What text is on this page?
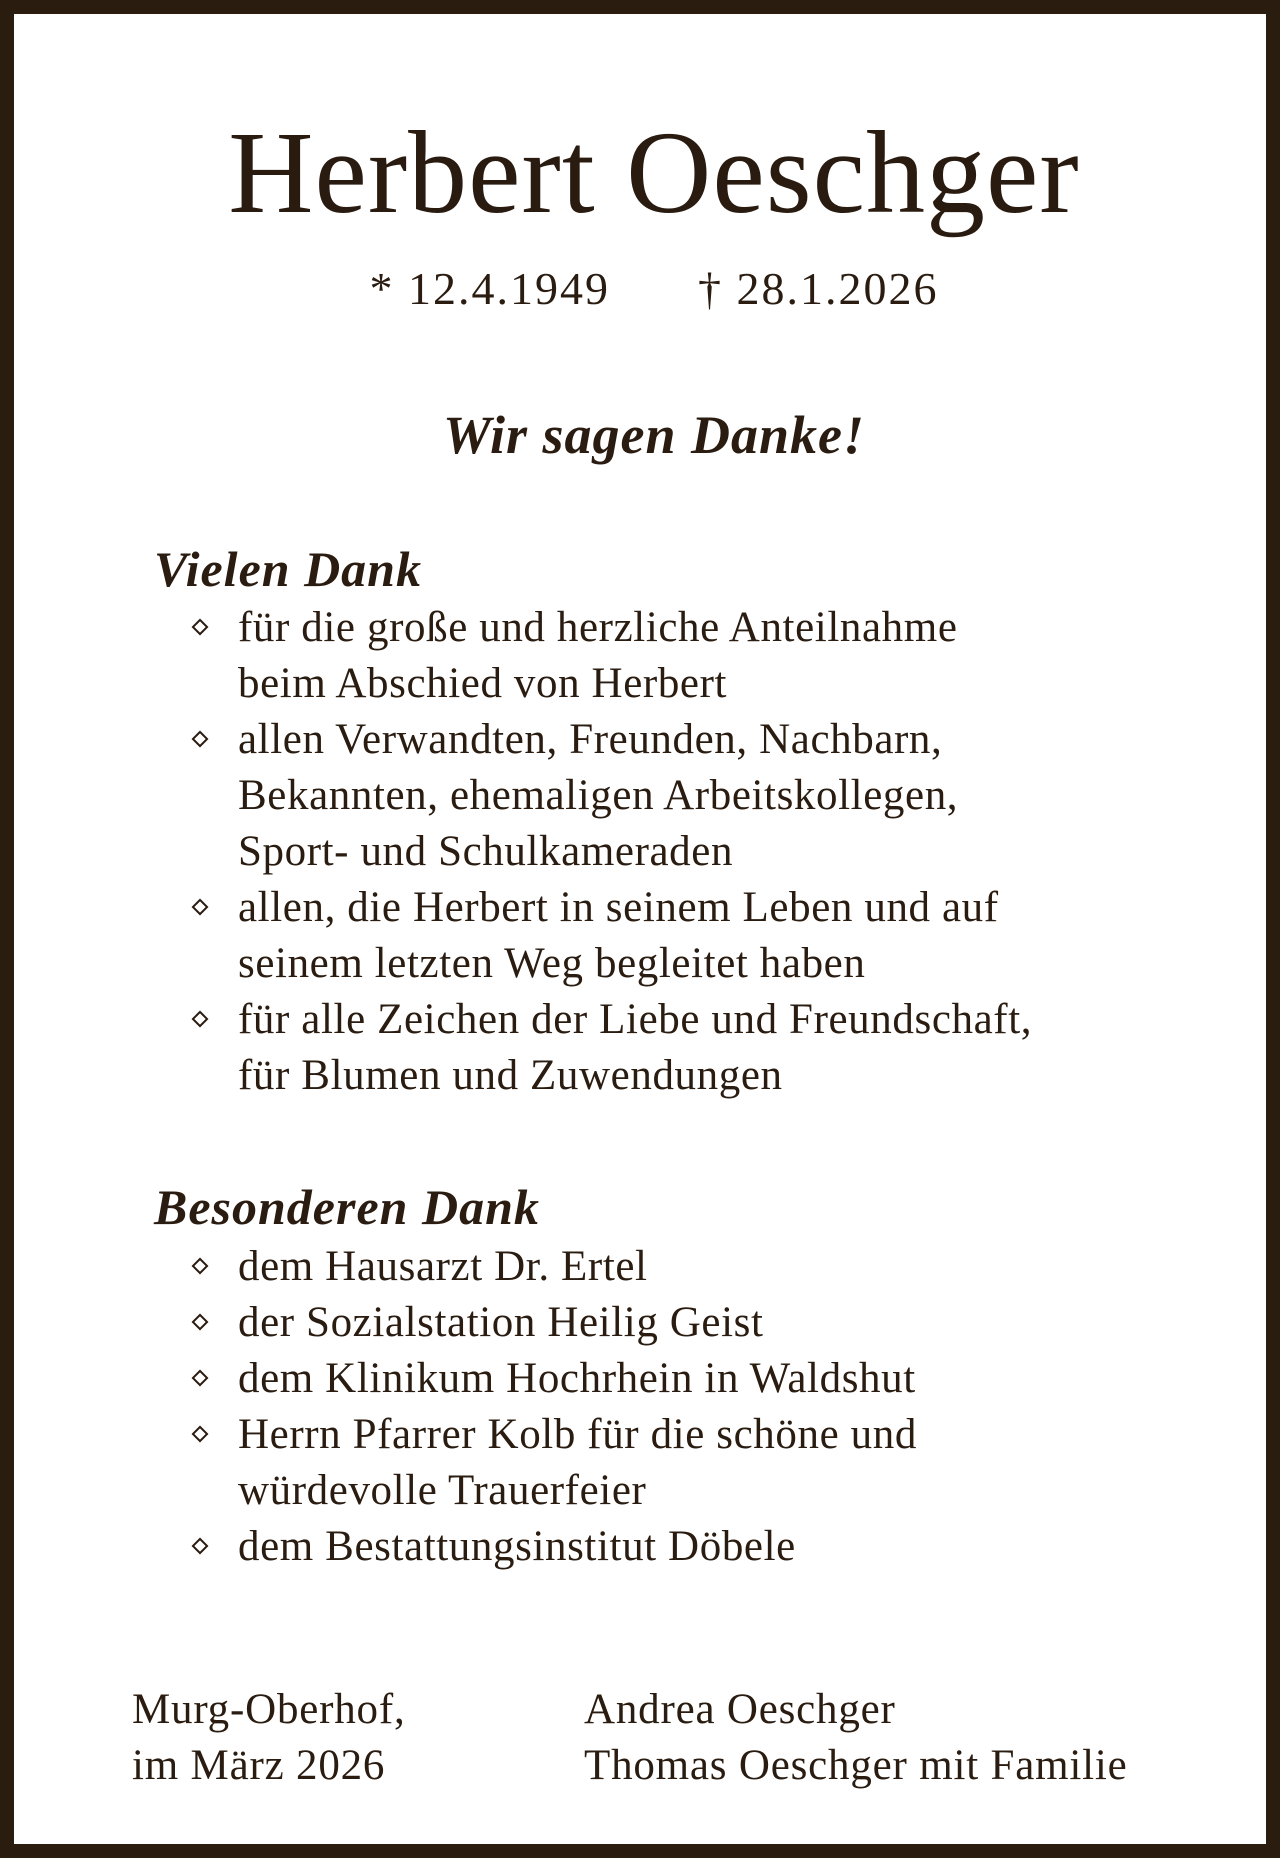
Herbert Oeschger
* 12.4.1949 † 28.1.2026
Wir sagen Danke!
Vielen Dank
für die große und herzliche Anteilnahme
beim Abschied von Herbert
allen Verwandten, Freunden, Nachbarn,
Bekannten, ehemaligen Arbeitskollegen,
Sport- und Schulkameraden
allen, die Herbert in seinem Leben und auf
seinem letzten Weg begleitet haben
für alle Zeichen der Liebe und Freundschaft,
für Blumen und Zuwendungen
Besonderen Dank
dem Hausarzt Dr. Ertel
der Sozialstation Heilig Geist
dem Klinikum Hochrhein in Waldshut
Herrn Pfarrer Kolb für die schöne und
würdevolle Trauerfeier
dem Bestattungsinstitut Döbele
Murg-Oberhof,
im März 2026
Andrea Oeschger
Thomas Oeschger mit Familie
